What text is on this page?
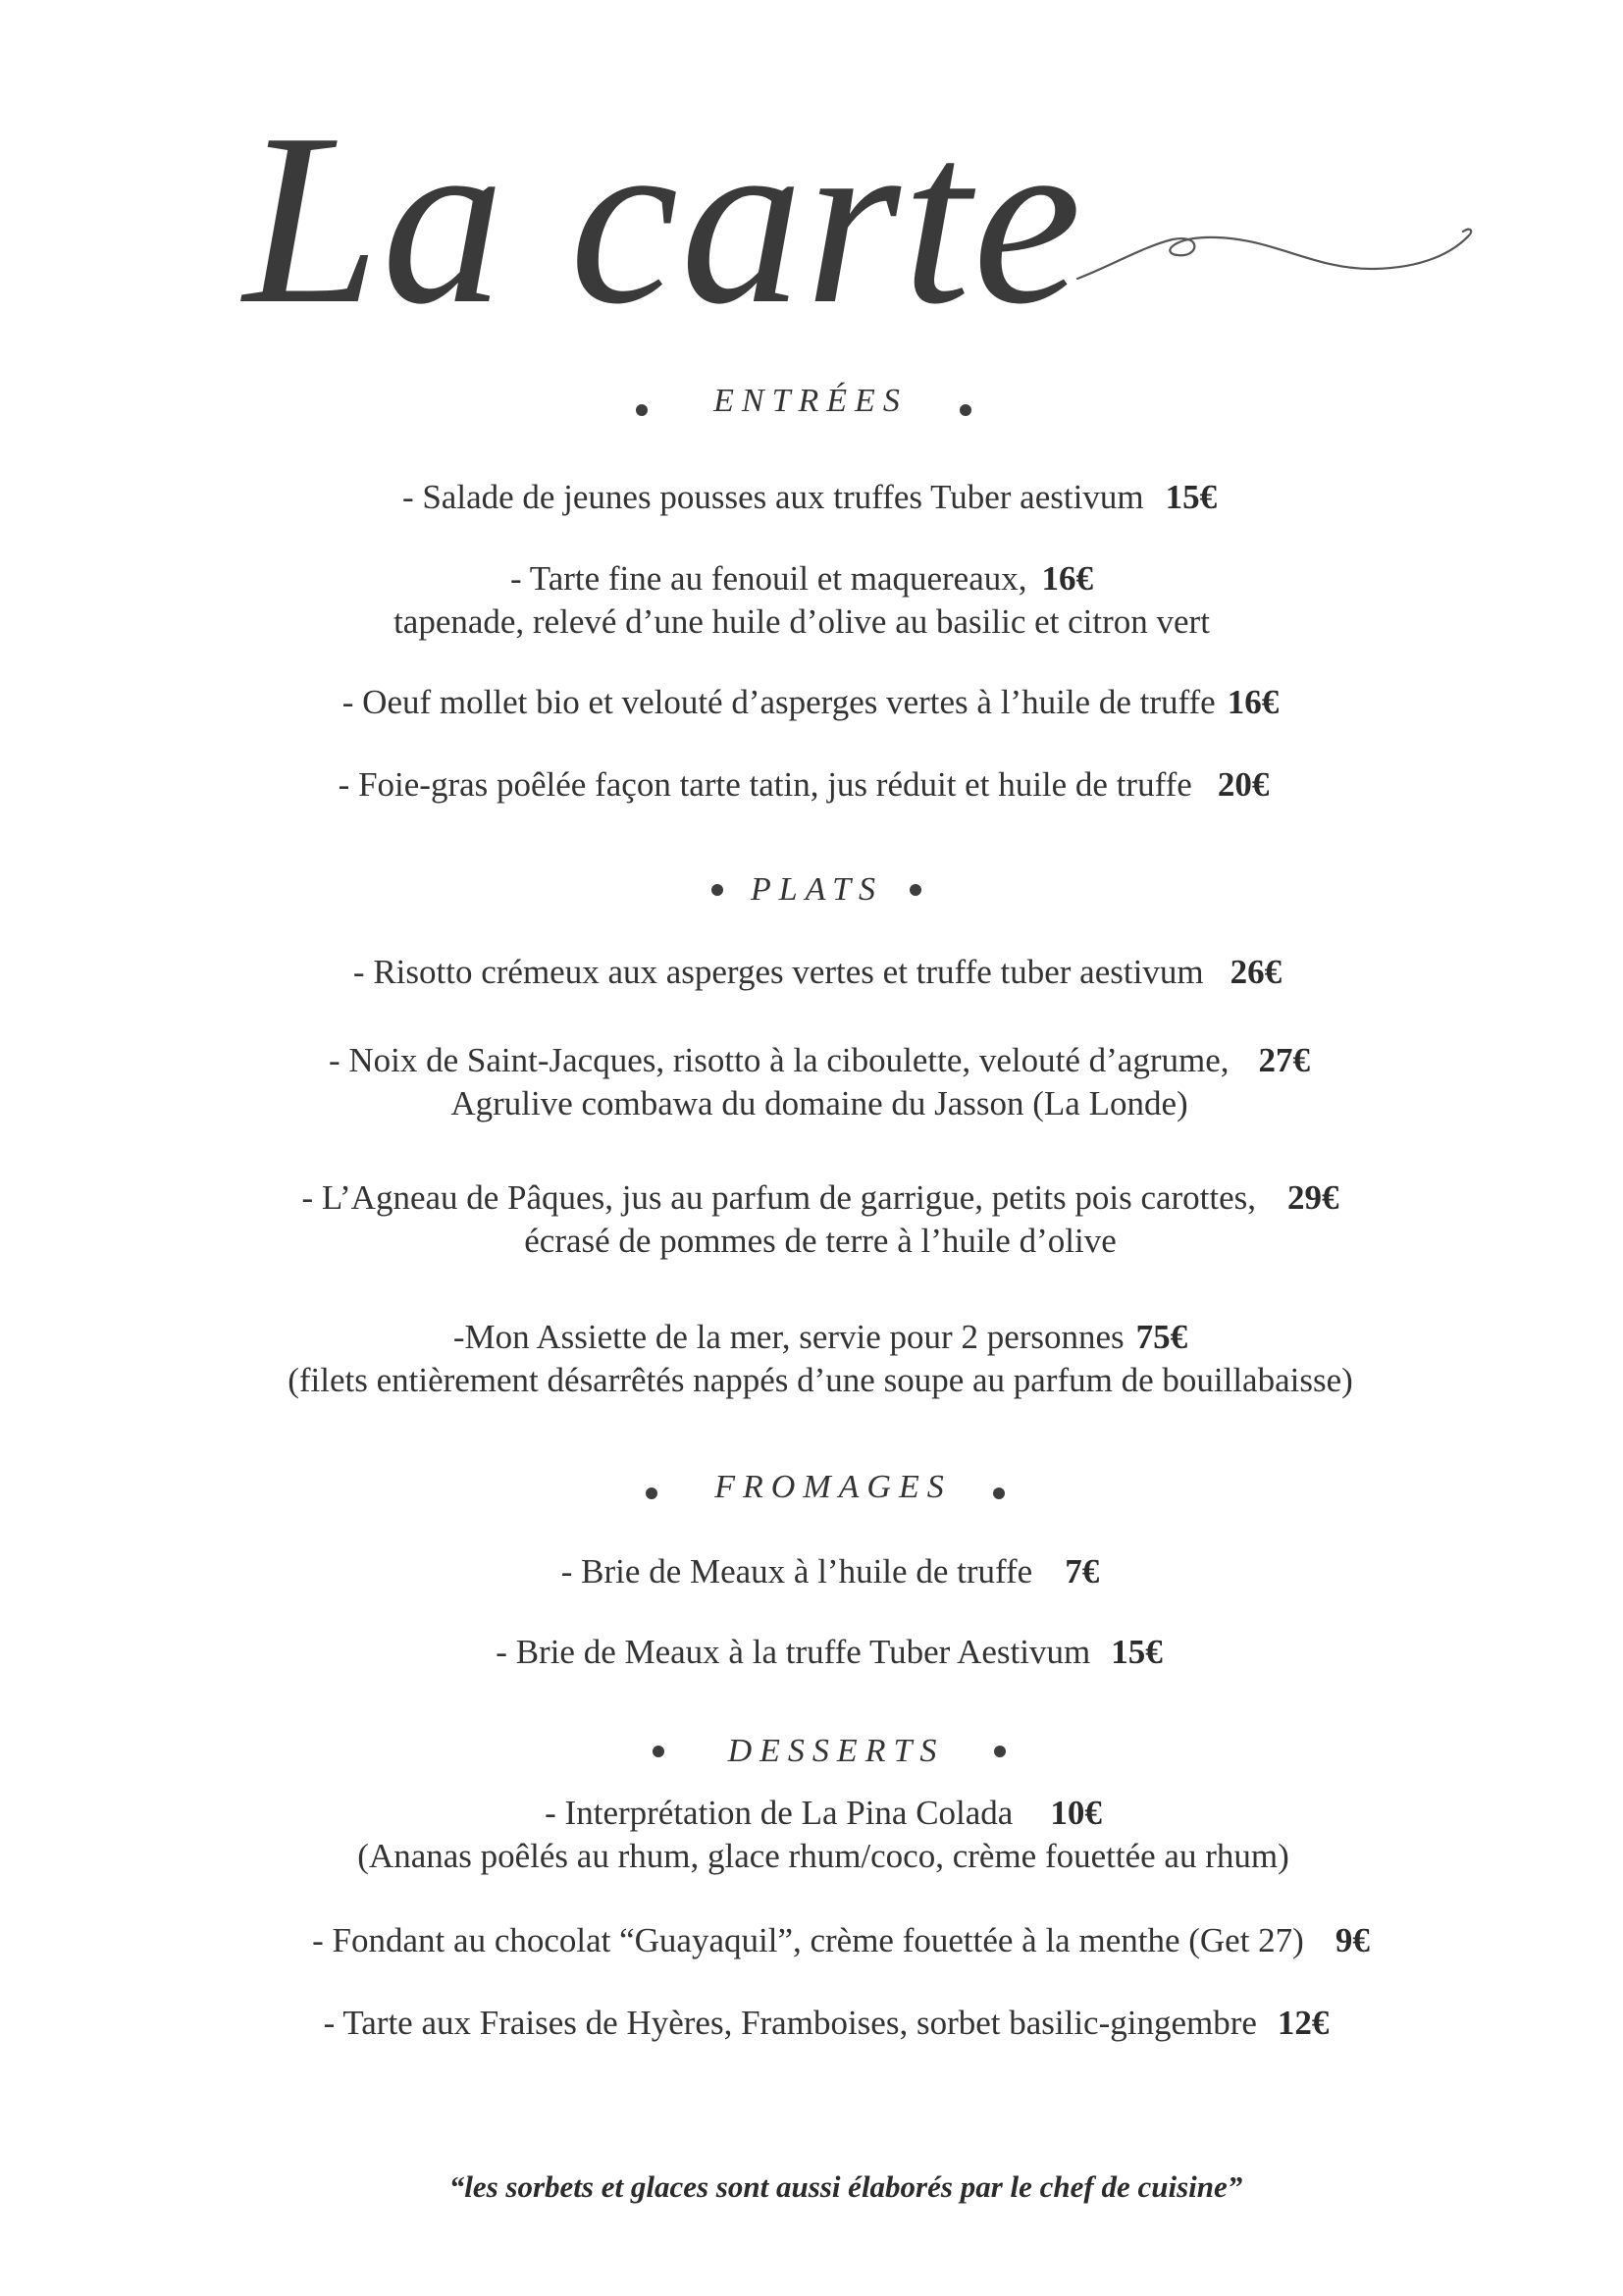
La carte
ENTRÉES
- Salade de jeunes pousses aux truffes Tuber aestivum 15€
- Tarte fine au fenouil et maquereaux, 16€
tapenade, relevé d’une huile d’olive au basilic et citron vert
- Oeuf mollet bio et velouté d’asperges vertes à l’huile de truffe 16€
- Foie-gras poêlée façon tarte tatin, jus réduit et huile de truffe 20€
PLATS
- Risotto crémeux aux asperges vertes et truffe tuber aestivum 26€
- Noix de Saint-Jacques, risotto à la ciboulette, velouté d’agrume, 27€
Agrulive combawa du domaine du Jasson (La Londe)
- L’Agneau de Pâques, jus au parfum de garrigue, petits pois carottes, 29€
écrasé de pommes de terre à l’huile d’olive
-Mon Assiette de la mer, servie pour 2 personnes 75€
(filets entièrement désarrêtés nappés d’une soupe au parfum de bouillabaisse)
FROMAGES
- Brie de Meaux à l’huile de truffe 7€
- Brie de Meaux à la truffe Tuber Aestivum 15€
DESSERTS
- Interprétation de La Pina Colada 10€
(Ananas poêlés au rhum, glace rhum/coco, crème fouettée au rhum)
- Fondant au chocolat “Guayaquil”, crème fouettée à la menthe (Get 27) 9€
- Tarte aux Fraises de Hyères, Framboises, sorbet basilic-gingembre 12€
“les sorbets et glaces sont aussi élaborés par le chef de cuisine”
